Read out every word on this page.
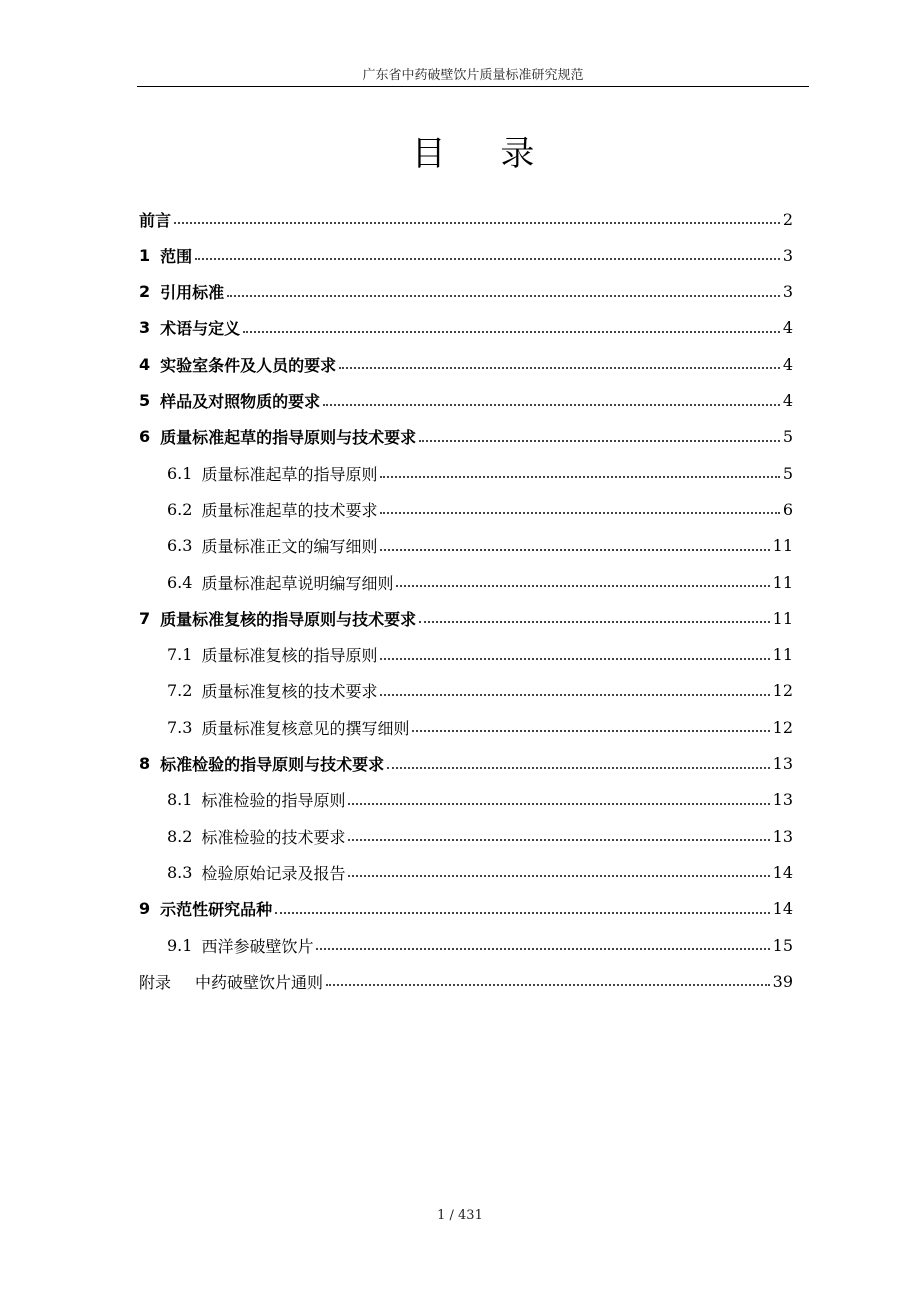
广东省中药破壁饮片质量标准研究规范
目 录
前言	2
1 范围	3
2 引用标准	3
3 术语与定义	4
4 实验室条件及人员的要求	4
5 样品及对照物质的要求	4
6 质量标准起草的指导原则与技术要求	5
6.1 质量标准起草的指导原则	5
6.2 质量标准起草的技术要求	6
6.3 质量标准正文的编写细则	11
6.4 质量标准起草说明编写细则	11
7 质量标准复核的指导原则与技术要求	11
7.1 质量标准复核的指导原则	11
7.2 质量标准复核的技术要求	12
7.3 质量标准复核意见的撰写细则	12
8 标准检验的指导原则与技术要求	13
8.1 标准检验的指导原则	13
8.2 标准检验的技术要求	13
8.3 检验原始记录及报告	14
9 示范性研究品种	14
9.1 西洋参破壁饮片	15
附录 中药破壁饮片通则	39
1 / 431
